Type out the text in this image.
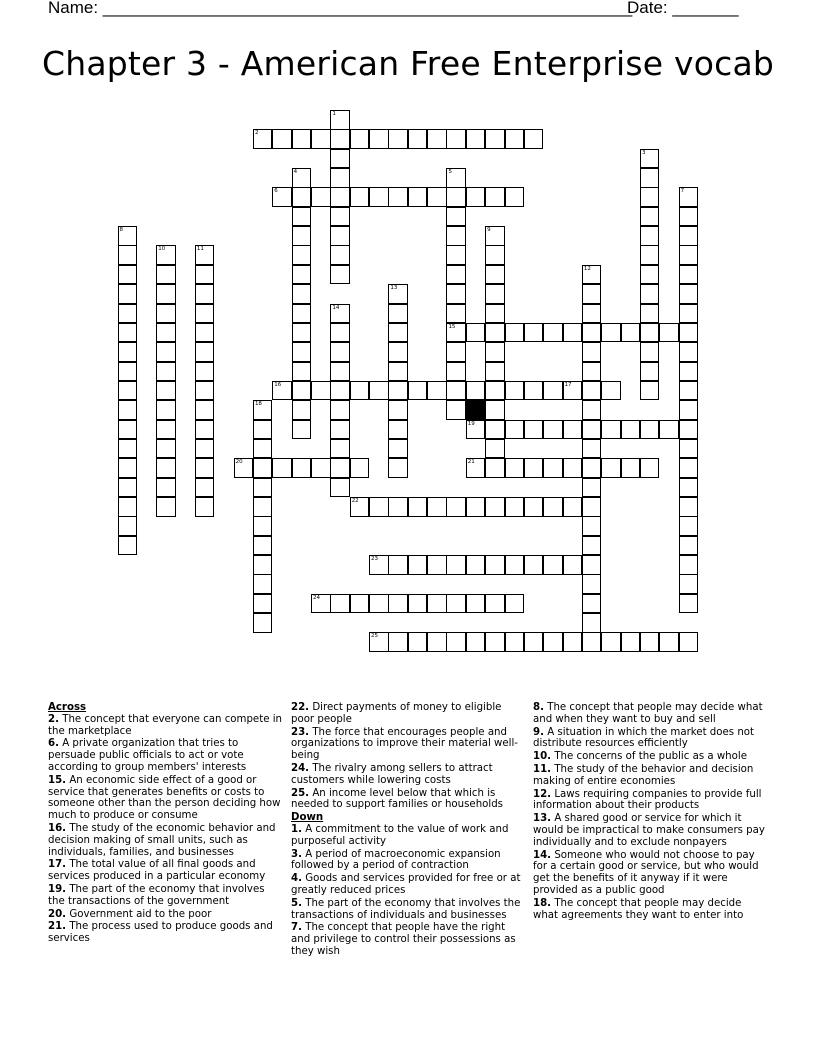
Name: ________________________________________________________
Date: _______
Chapter 3 - American Free Enterprise vocab
1
2
3
4	5
15
6	7
8	9
10	11
12
13
14
16	17
18
19
20	21
22
23
24
25
Across
2. The concept that everyone can compete in the marketplace
6. A private organization that tries to persuade public officials to act or vote according to group members' interests
15. An economic side effect of a good or service that generates benefits or costs to someone other than the person deciding how much to produce or consume
16. The study of the economic behavior and decision making of small units, such as individuals, families, and businesses
17. The total value of all final goods and services produced in a particular economy
19. The part of the economy that involves the transactions of the government
20. Government aid to the poor
21. The process used to produce goods and services
22. Direct payments of money to eligible poor people
23. The force that encourages people and organizations to improve their material well-being
24. The rivalry among sellers to attract customers while lowering costs
25. An income level below that which is needed to support families or households
Down
1. A commitment to the value of work and purposeful activity
3. A period of macroeconomic expansion followed by a period of contraction
4. Goods and services provided for free or at greatly reduced prices
5. The part of the economy that involves the transactions of individuals and businesses
7. The concept that people have the right and privilege to control their possessions as they wish
8. The concept that people may decide what and when they want to buy and sell
9. A situation in which the market does not distribute resources efficiently
10. The concerns of the public as a whole
11. The study of the behavior and decision making of entire economies
12. Laws requiring companies to provide full information about their products
13. A shared good or service for which it would be impractical to make consumers pay individually and to exclude nonpayers
14. Someone who would not choose to pay for a certain good or service, but who would get the benefits of it anyway if it were provided as a public good
18. The concept that people may decide what agreements they want to enter into
